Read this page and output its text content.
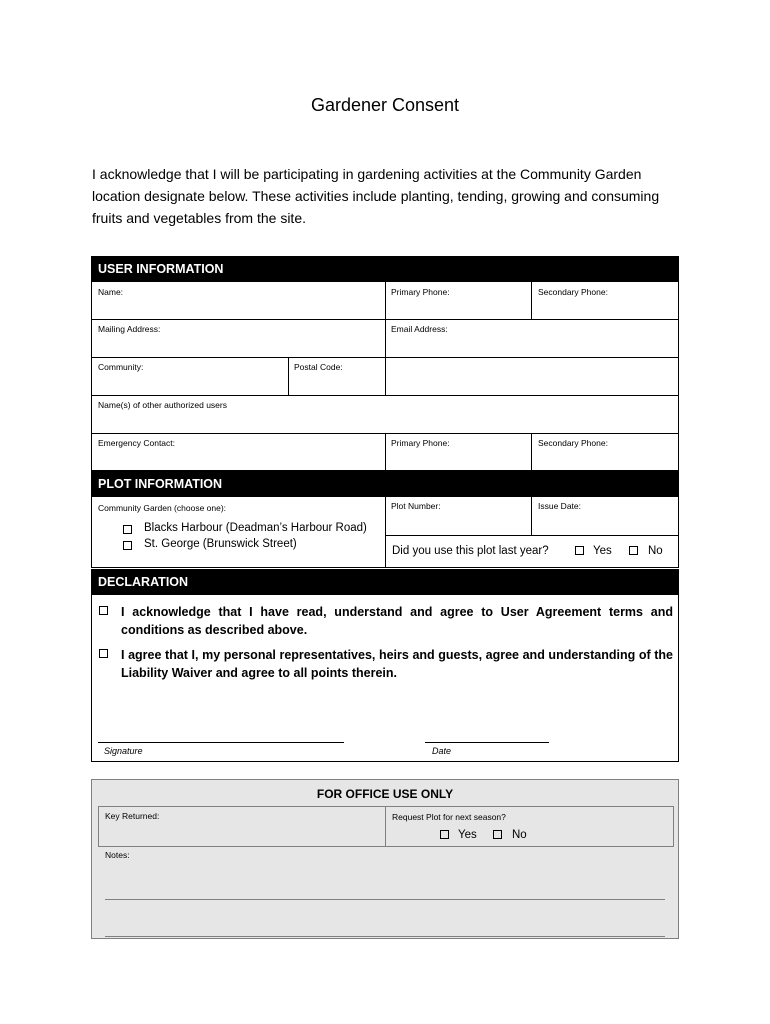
Gardener Consent
I acknowledge that I will be participating in gardening activities at the Community Garden location designate below. These activities include planting, tending, growing and consuming fruits and vegetables from the site.
USER INFORMATION
Name:	Primary Phone:	Secondary Phone:
Mailing Address:	Email Address:
Community:	Postal Code:
Name(s) of other authorized users
Emergency Contact:	Primary Phone:	Secondary Phone:
PLOT INFORMATION
Community Garden (choose one):
Blacks Harbour (Deadman’s Harbour Road)
St. George (Brunswick Street)
Plot Number:	Issue Date:
Did you use this plot last year?	Yes	No
DECLARATION
I acknowledge that I have read, understand and agree to User Agreement terms and conditions as described above.
I agree that I, my personal representatives, heirs and guests, agree and understanding of the Liability Waiver and agree to all points therein.
Signature	Date
FOR OFFICE USE ONLY
Key Returned:	Request Plot for next season?
Yes	No
Notes:
